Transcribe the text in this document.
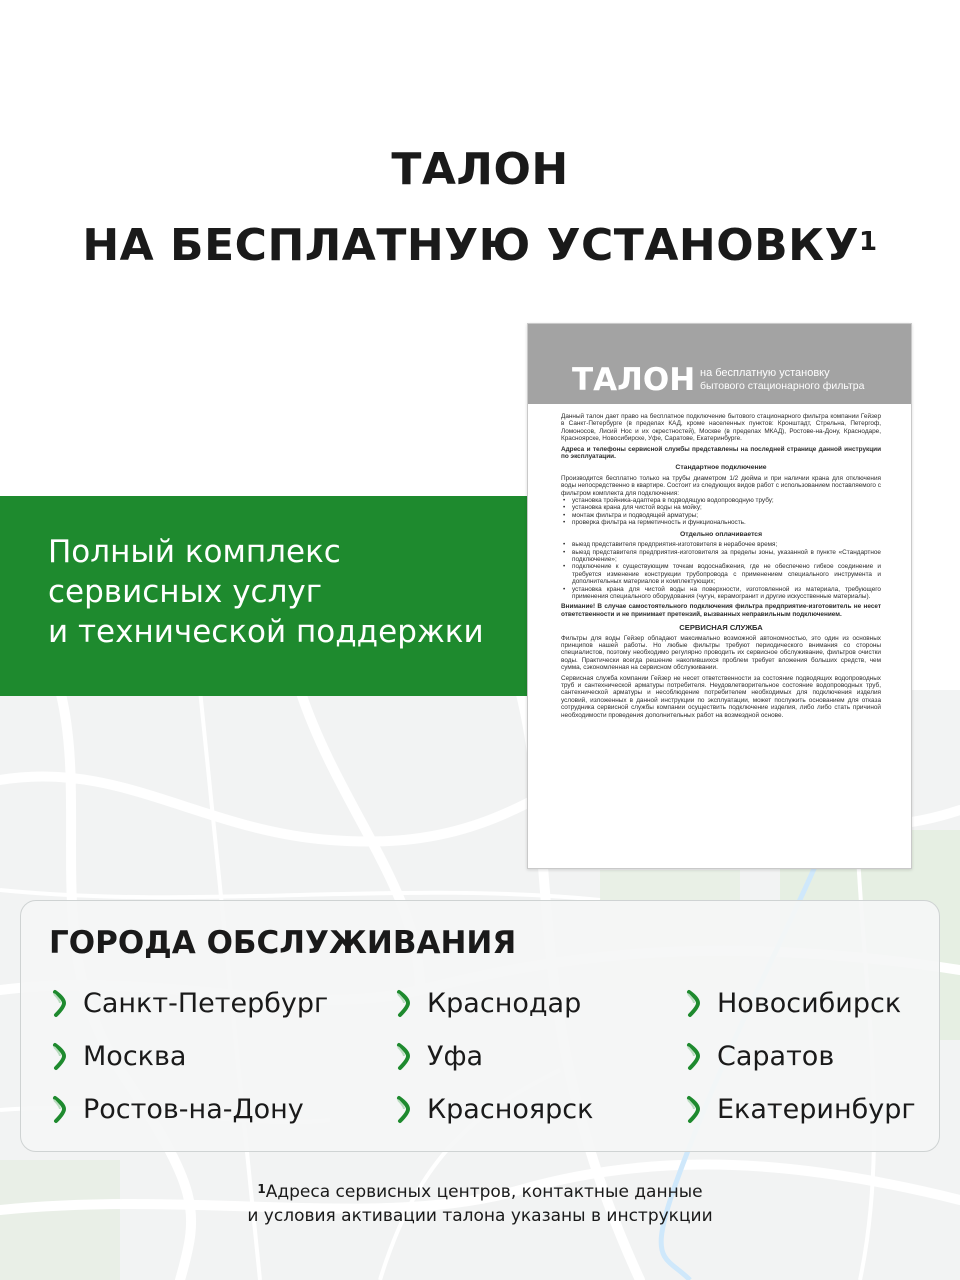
ТАЛОН
НА БЕСПЛАТНУЮ УСТАНОВКУ$^1$
Полный комплекс
сервисных услуг
и технической поддержки
ТАЛОН на бесплатную установку
бытового стационарного фильтра

Данный талон дает право на бесплатное подключение бытового стационарного фильтра компании Гейзер в Санкт-Петербурге (в пределах КАД, кроме населенных пунктов: Кронштадт, Стрельна, Петергоф, Ломоносов, Лисий Нос и их окрестностей), Москве (в пределах МКАД), Ростове-на-Дону, Краснодаре, Красноярске, Новосибирске, Уфе, Саратове, Екатеринбурге.

Адреса и телефоны сервисной службы представлены на последней странице данной инструкции по эксплуатации.

Стандартное подключение

Производится бесплатно только на трубы диаметром 1/2 дюйма и при наличии крана для отключения воды непосредственно в квартире. Состоит из следующих видов работ с использованием поставляемого с фильтром комплекта для подключения:

• установка тройника-адаптера в подводящую водопроводную трубу;
• установка крана для чистой воды на мойку;
• монтаж фильтра и подводящей арматуры;
• проверка фильтра на герметичность и функциональность.
Отдельно оплачивается
• выезд представителя предприятия-изготовителя в нерабочее время;
• выезд представителя предприятия-изготовителя за пределы зоны, указанной в пункте «Стандартное подключение»;
• подключение к существующим точкам водоснабжения, где не обеспечено гибкое соединение и требуется изменение конструкции трубопровода с применением специального инструмента и дополнительных материалов и комплектующих;
• установка крана для чистой воды на поверхности, изготовленной из материала, требующего применения специального оборудования (чугун, керамогранит и другие искусственные материалы).

Внимание! В случае самостоятельного подключения фильтра предприятие-изготовитель не несет ответственности и не принимает претензий, вызванных неправильным подключением.

СЕРВИСНАЯ СЛУЖБА

Фильтры для воды Гейзер обладают максимально возможной автономностью, это один из основных принципов нашей работы. Но любые фильтры требуют периодического внимания со стороны специалистов, поэтому необходимо регулярно проводить их сервисное обслуживание, фильтров очистки воды. Практически всегда решение накопившихся проблем требует вложения больших средств, чем сумма, сэкономленная на сервисном обслуживании.

Сервисная служба компании Гейзер не несет ответственности за состояние подводящих водопроводных труб и сантехнической арматуры потребителя. Неудовлетворительное состояние водопроводных труб, сантехнической арматуры и несоблюдение потребителем необходимых для подключения изделия условий, изложенных в данной инструкции по эксплуатации, может послужить основанием для отказа сотрудника сервисной службы компании осуществить подключение изделия, либо либо стать причиной необходимости проведения дополнительных работ на возмездной основе.

ГОРОДА ОБСЛУЖИВАНИЯ
Санкт-Петербург	Краснодар	Новосибирск
Москва	Уфа	Саратов
Ростов-на-Дону	Красноярск	Екатеринбург
$^1$Адреса сервисных центров, контактные данные
и условия активации талона указаны в инструкции
